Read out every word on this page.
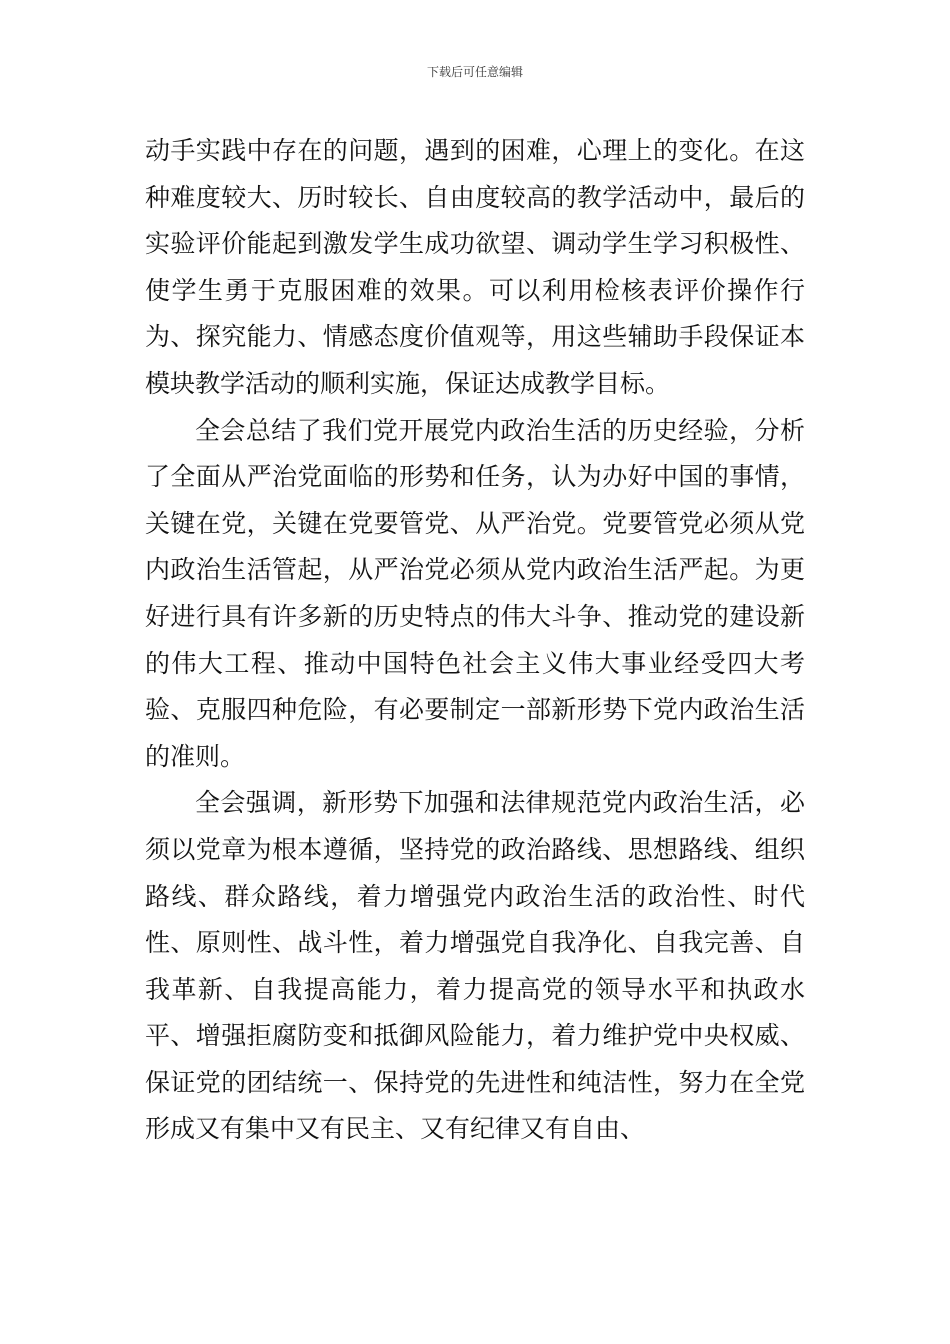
下载后可任意编辑

动手实践中存在的问题，遇到的困难，心理上的变化。在这种难度较大、历时较长、自由度较高的教学活动中，最后的实验评价能起到激发学生成功欲望、调动学生学习积极性、使学生勇于克服困难的效果。可以利用检核表评价操作行为、探究能力、情感态度价值观等，用这些辅助手段保证本模块教学活动的顺利实施，保证达成教学目标。

全会总结了我们党开展党内政治生活的历史经验，分析了全面从严治党面临的形势和任务，认为办好中国的事情，关键在党，关键在党要管党、从严治党。党要管党必须从党内政治生活管起，从严治党必须从党内政治生活严起。为更好进行具有许多新的历史特点的伟大斗争、推动党的建设新的伟大工程、推动中国特色社会主义伟大事业经受四大考验、克服四种危险，有必要制定一部新形势下党内政治生活的准则。

全会强调，新形势下加强和法律规范党内政治生活，必须以党章为根本遵循，坚持党的政治路线、思想路线、组织路线、群众路线，着力增强党内政治生活的政治性、时代性、原则性、战斗性，着力增强党自我净化、自我完善、自我革新、自我提高能力，着力提高党的领导水平和执政水平、增强拒腐防变和抵御风险能力，着力维护党中央权威、保证党的团结统一、保持党的先进性和纯洁性，努力在全党形成又有集中又有民主、又有纪律又有自由、
